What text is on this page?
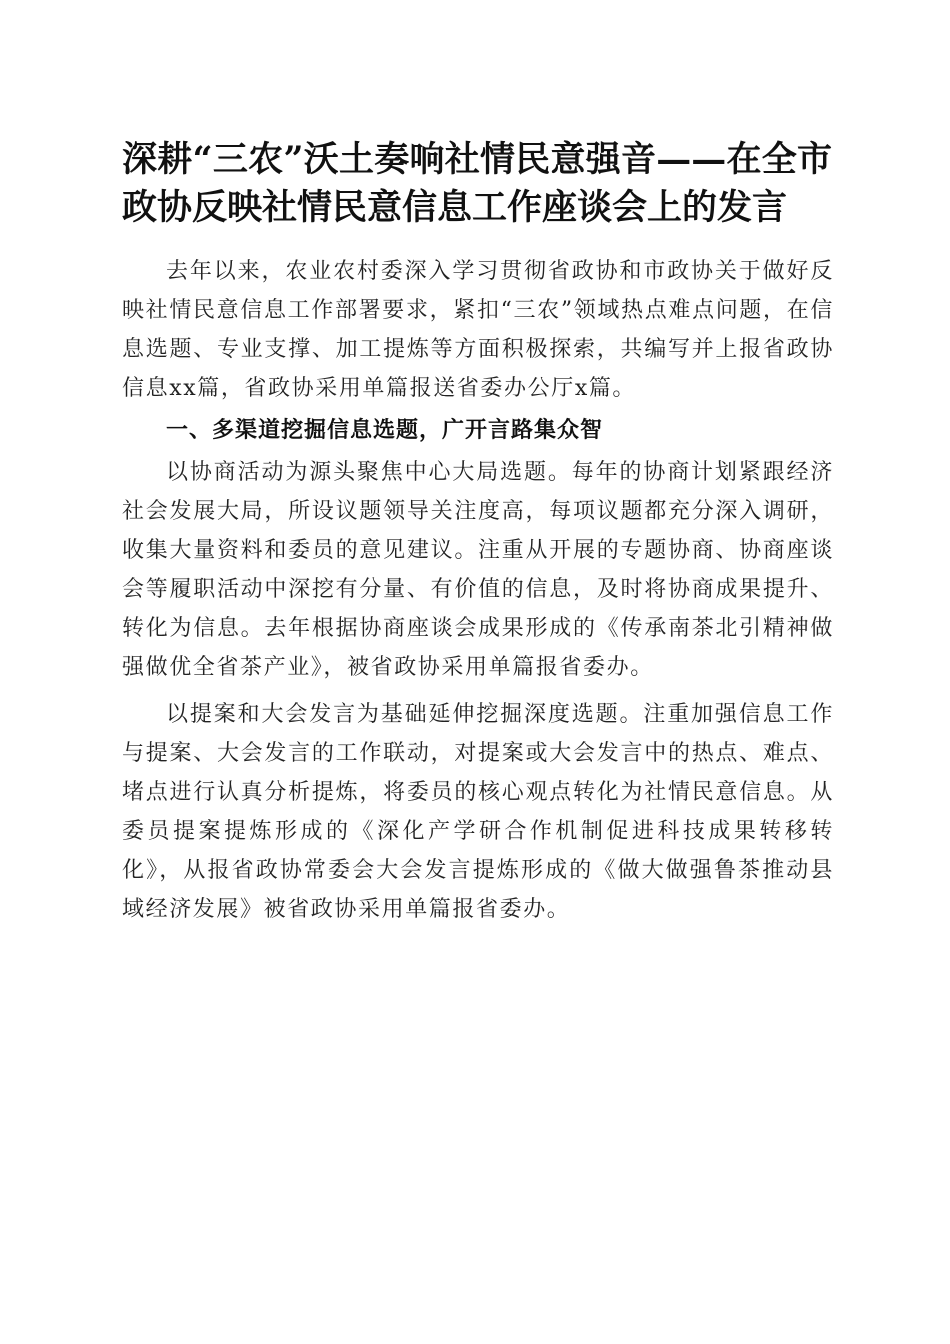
深耕“三农”沃土奏响社情民意强音——在全市政协反映社情民意信息工作座谈会上的发言

去年以来，农业农村委深入学习贯彻省政协和市政协关于做好反映社情民意信息工作部署要求，紧扣“三农”领域热点难点问题，在信息选题、专业支撑、加工提炼等方面积极探索，共编写并上报省政协信息xx篇，省政协采用单篇报送省委办公厅x篇。

一、多渠道挖掘信息选题，广开言路集众智

以协商活动为源头聚焦中心大局选题。每年的协商计划紧跟经济社会发展大局，所设议题领导关注度高，每项议题都充分深入调研，收集大量资料和委员的意见建议。注重从开展的专题协商、协商座谈会等履职活动中深挖有分量、有价值的信息，及时将协商成果提升、转化为信息。去年根据协商座谈会成果形成的《传承南茶北引精神做强做优全省茶产业》，被省政协采用单篇报省委办。

以提案和大会发言为基础延伸挖掘深度选题。注重加强信息工作与提案、大会发言的工作联动，对提案或大会发言中的热点、难点、堵点进行认真分析提炼，将委员的核心观点转化为社情民意信息。从委员提案提炼形成的《深化产学研合作机制促进科技成果转移转化》，从报省政协常委会大会发言提炼形成的《做大做强鲁茶推动县域经济发展》被省政协采用单篇报省委办。
